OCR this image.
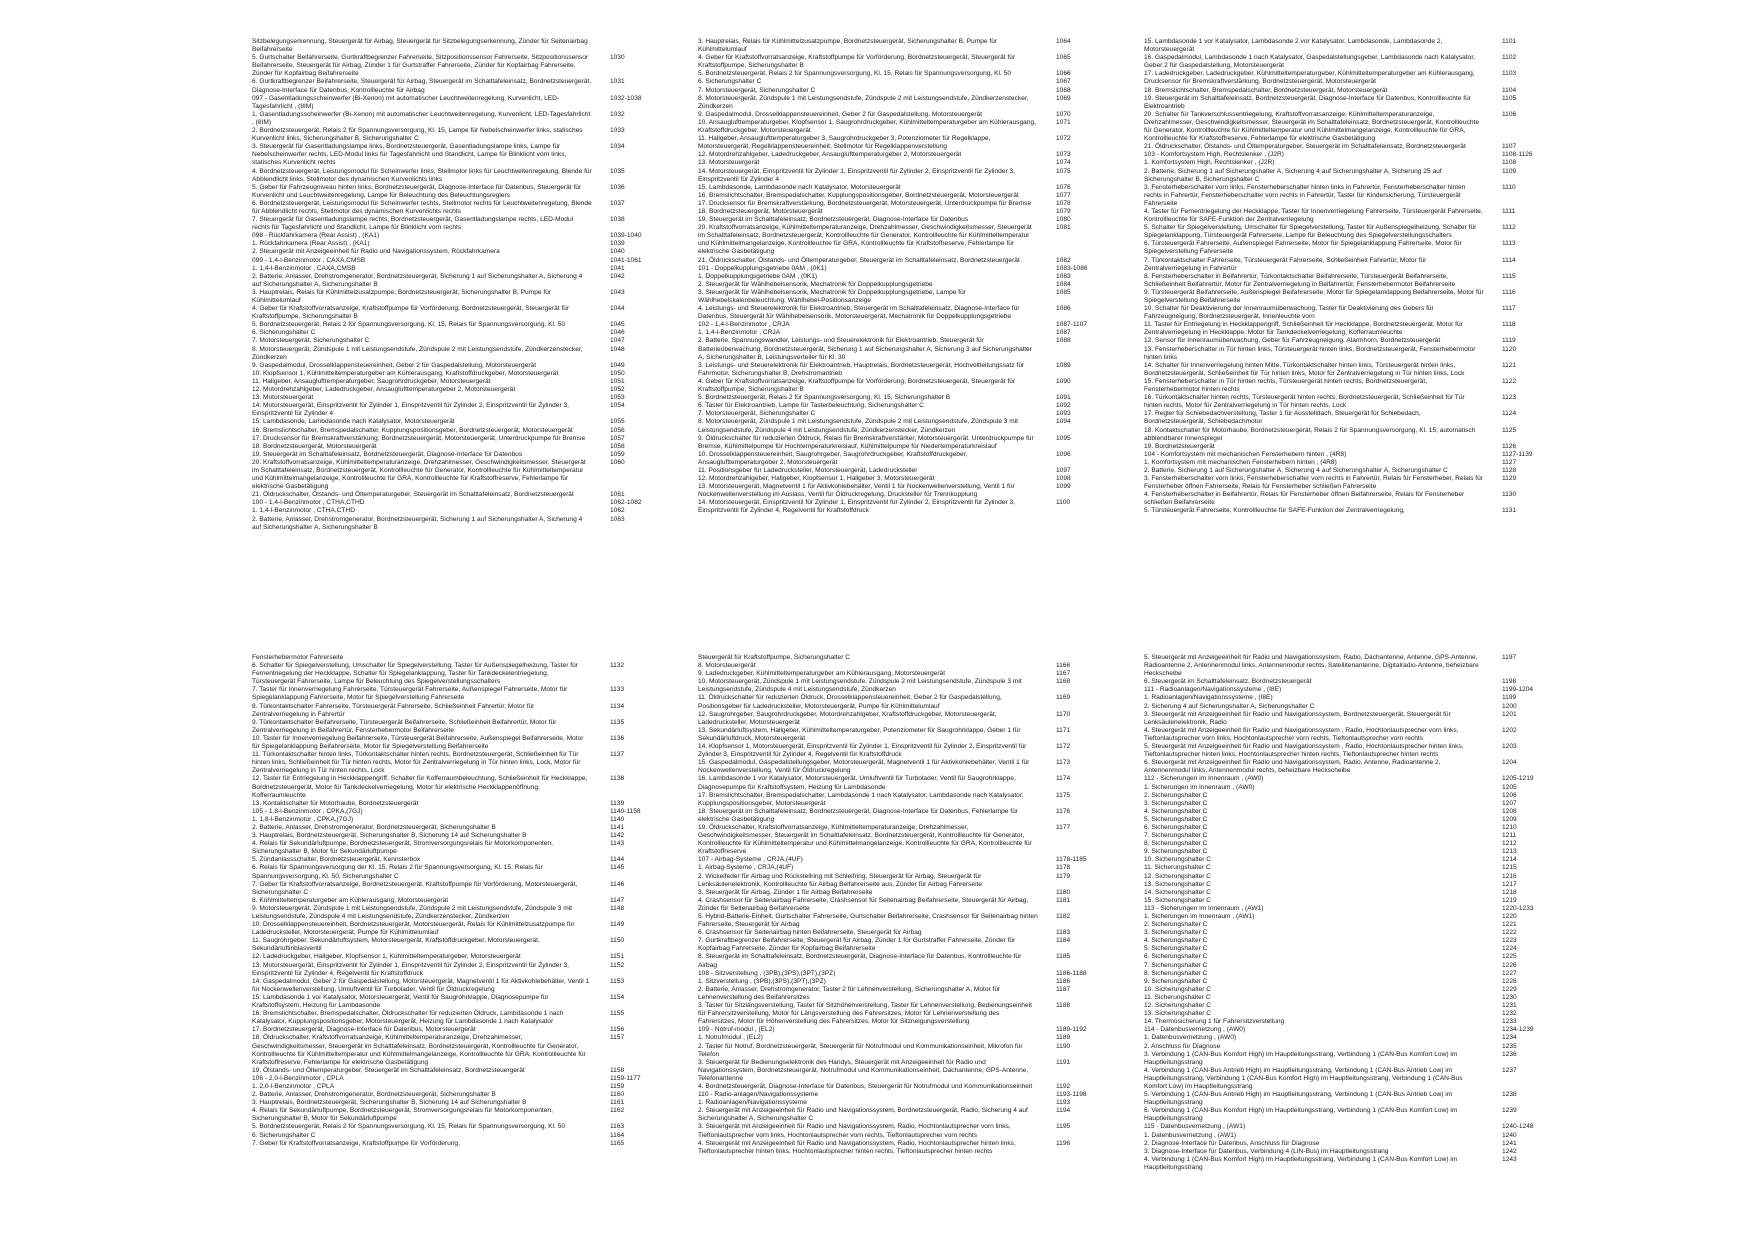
Sitzbelegungserkennung, Steuergerät für Airbag, Steuergerät für Sitzbelegungserkennung, Zünder für Seitenairbag Beifahrerseite
5. Gurtschalter Beifahrerseite, Gurtkraftbegrenzer Fahrerseite, Sitzpositionssensor Fahrerseite, Sitzpositionssensor Beifahrerseite, Steuergerät für Airbag, Zünder 1 für Gurtstraffer Fahrerseite, Zünder für Kopfairbag Fahrerseite, Zünder für Kopfairbag Beifahrerseite
1030
6. Gurtkraftbegrenzer Beifahrerseite, Steuergerät für Airbag, Steuergerät im Schalttafeleinsatz, Bordnetzsteuergerät, Diagnose-Interface für Datenbus, Kontrollleuchte für Airbag
1031
097 - Gasentladungsscheinwerfer (Bi-Xenon) mit automatischer Leuchtweitenregelung, Kurvenlicht, LED-Tagesfahrlicht , (8IM)
1032-1038
1. Gasentladungsscheinwerfer (Bi-Xenon) mit automatischer Leuchtweitenregelung, Kurvenlicht, LED-Tagesfahrlicht , (8IM)
1032
2. Bordnetzsteuergerät, Relais 2 für Spannungsversorgung, Kl. 15, Lampe für Nebelscheinwerfer links, statisches Kurvenlicht links, Sicherungshalter B, Sicherungshalter C
1033
3. Steuergerät für Gasentladungslampe links, Bordnetzsteuergerät, Gasentladungslampe links, Lampe für Nebelscheinwerfer rechts, LED-Modul links für Tagesfahrlicht und Standlicht, Lampe für Blinklicht vorn links, statisches Kurvenlicht rechts
1034
4. Bordnetzsteuergerät, Leistungsmodul für Scheinwerfer links, Stellmotor links für Leuchtweitenregelung, Blende für Abblendlicht links, Stellmotor des dynamischen Kurvenlichts links
1035
5. Geber für Fahrzeugniveau hinten links, Bordnetzsteuergerät, Diagnose-Interface für Datenbus, Steuergerät für Kurvenlicht und Leuchtweitenregelung, Lampe für Beleuchtung des Beleuchtungsreglers
1036
6. Bordnetzsteuergerät, Leistungsmodul für Scheinwerfer rechts, Stellmotor rechts für Leuchtweitenregelung, Blende für Abblendlicht rechts, Stellmotor des dynamischen Kurvenlichts rechts
1037
7. Steuergerät für Gasentladungslampe rechts, Bordnetzsteuergerät, Gasentladungslampe rechts, LED-Modul rechts für Tagesfahrlicht und Standlicht, Lampe für Blinklicht vorn rechts
1038
098 - Rückfahrkamera (Rear Assist) , (KA1)	1039-1040
1. Rückfahrkamera (Rear Assist) , (KA1)	1039
2. Steuergerät mit Anzeigeeinheit für Radio und Navigationssystem, Rückfahrkamera	1040
099 - 1,4-l-Benzinmotor , CAXA,CMSB	1041-1061
1. 1,4-l-Benzinmotor , CAXA,CMSB	1041
2. Batterie, Anlasser, Drehstromgenerator, Bordnetzsteuergerät, Sicherung 1 auf Sicherungshalter A, Sicherung 4 auf Sicherungshalter A, Sicherungshalter B
1042
3. Hauptrelais, Relais für Kühlmittelzusatzpumpe, Bordnetzsteuergerät, Sicherungshalter B, Pumpe für Kühlmittelumlauf
1043
4. Geber für Kraftstoffvorratsanzeige, Kraftstoffpumpe für Vorförderung, Bordnetzsteuergerät, Steuergerät für Kraftstoffpumpe, Sicherungshalter B
1044
5. Bordnetzsteuergerät, Relais 2 für Spannungsversorgung, Kl. 15, Relais für Spannungsversorgung, Kl. 50	1045
6. Sicherungshalter C	1046
7. Motorsteuergerät, Sicherungshalter C	1047
8. Motorsteuergerät, Zündspule 1 mit Leistungsendstufe, Zündspule 2 mit Leistungsendstufe, Zündkerzenstecker, Zündkerzen
1048
9. Gaspedalmodul, Drosselklappensteuereinheit, Geber 2 für Gaspedalstellung, Motorsteuergerät	1049
10. Klopfsensor 1, Kühlmitteltemperaturgeber am Kühlerausgang, Kraftstoffdruckgeber, Motorsteuergerät	1050
11. Hallgeber, Ansauglufttemperaturgeber, Saugrohrdruckgeber, Motorsteuergerät	1051
12. Motordrehzahlgeber, Ladedruckgeber, Ansauglufttemperaturgeber 2, Motorsteuergerät	1052
13. Motorsteuergerät	1053
14. Motorsteuergerät, Einspritzventil für Zylinder 1, Einspritzventil für Zylinder 2, Einspritzventil für Zylinder 3, Einspritzventil für Zylinder 4
1054
15. Lambdasonde, Lambdasonde nach Katalysator, Motorsteuergerät	1055
16. Bremslichtschalter, Bremspedalschalter, Kupplungspositionsgeber, Bordnetzsteuergerät, Motorsteuergerät	1056
17. Drucksensor für Bremskraftverstärkung, Bordnetzsteuergerät, Motorsteuergerät, Unterdruckpumpe für Bremse	1057
18. Bordnetzsteuergerät, Motorsteuergerät	1058
19. Steuergerät im Schalttafeleinsatz, Bordnetzsteuergerät, Diagnose-Interface für Datenbus	1059
20. Kraftstoffvorratsanzeige, Kühlmitteltemperaturanzeige, Drehzahlmesser, Geschwindigkeitsmesser, Steuergerät im Schalttafeleinsatz, Bordnetzsteuergerät, Kontrollleuchte für Generator, Kontrollleuchte für Kühlmitteltemperatur und Kühlmittelmangelanzeige, Kontrollleuchte für GRA, Kontrollleuchte für Kraftstoffreserve, Fehlerlampe für elektrische Gasbetätigung
1060
21. Öldruckschalter, Ölstands- und Öltemperaturgeber, Steuergerät im Schalttafeleinsatz, Bordnetzsteuergerät	1061
100 - 1,4-l-Benzinmotor , CTHA,CTHD	1062-1082
1. 1,4-l-Benzinmotor , CTHA,CTHD	1062
2. Batterie, Anlasser, Drehstromgenerator, Bordnetzsteuergerät, Sicherung 1 auf Sicherungshalter A, Sicherung 4 auf Sicherungshalter A, Sicherungshalter B
1063
3. Hauptrelais, Relais für Kühlmittelzusatzpumpe, Bordnetzsteuergerät, Sicherungshalter B, Pumpe für Kühlmittelumlauf
1064
4. Geber für Kraftstoffvorratsanzeige, Kraftstoffpumpe für Vorförderung, Bordnetzsteuergerät, Steuergerät für Kraftstoffpumpe, Sicherungshalter B
1065
5. Bordnetzsteuergerät, Relais 2 für Spannungsversorgung, Kl. 15, Relais für Spannungsversorgung, Kl. 50	1066
6. Sicherungshalter C	1067
7. Motorsteuergerät, Sicherungshalter C	1068
8. Motorsteuergerät, Zündspule 1 mit Leistungsendstufe, Zündspule 2 mit Leistungsendstufe, Zündkerzenstecker, Zündkerzen
1069
9. Gaspedalmodul, Drosselklappensteuereinheit, Geber 2 für Gaspedalstellung, Motorsteuergerät	1070
10. Ansauglufttemperaturgeber, Klopfsensor 1, Saugrohrdruckgeber, Kühlmitteltemperaturgeber am Kühlerausgang, Kraftstoffdruckgeber, Motorsteuergerät
1071
11. Hallgeber, Ansauglufttemperaturgeber 3, Saugrohrdruckgeber 3, Potenziometer für Regelklappe, Motorsteuergerät, Regelklappensteuereinheit, Stellmotor für Regelklappenverstellung
1072
12. Motordrehzahlgeber, Ladedruckgeber, Ansauglufttemperaturgeber 2, Motorsteuergerät	1073
13. Motorsteuergerät	1074
14. Motorsteuergerät, Einspritzventil für Zylinder 1, Einspritzventil für Zylinder 2, Einspritzventil für Zylinder 3, Einspritzventil für Zylinder 4
1075
15. Lambdasonde, Lambdasonde nach Katalysator, Motorsteuergerät	1076
16. Bremslichtschalter, Bremspedalschalter, Kupplungspositionsgeber, Bordnetzsteuergerät, Motorsteuergerät	1077
17. Drucksensor für Bremskraftverstärkung, Bordnetzsteuergerät, Motorsteuergerät, Unterdruckpumpe für Bremse	1078
18. Bordnetzsteuergerät, Motorsteuergerät	1079
19. Steuergerät im Schalttafeleinsatz, Bordnetzsteuergerät, Diagnose-Interface für Datenbus	1080
20. Kraftstoffvorratsanzeige, Kühlmitteltemperaturanzeige, Drehzahlmesser, Geschwindigkeitsmesser, Steuergerät im Schalttafeleinsatz, Bordnetzsteuergerät, Kontrollleuchte für Generator, Kontrollleuchte für Kühlmitteltemperatur und Kühlmittelmangelanzeige, Kontrollleuchte für GRA, Kontrollleuchte für Kraftstoffreserve, Fehlerlampe für elektrische Gasbetätigung
1081
21. Öldruckschalter, Ölstands- und Öltemperaturgeber, Steuergerät im Schalttafeleinsatz, Bordnetzsteuergerät	1082
101 - Doppelkupplungsgetriebe 0AM , (0K1)	1083-1086
1. Doppelkupplungsgetriebe 0AM , (0K1)	1083
2. Steuergerät für Wählhebelsensorik, Mechatronik für Doppelkupplungsgetriebe	1084
3. Steuergerät für Wählhebelsensorik, Mechatronik für Doppelkupplungsgetriebe, Lampe für Wählhebelskalenbeleuchtung, Wählhebel-Positionsanzeige
1085
4. Leistungs- und Steuerelektronik für Elektroantrieb, Steuergerät im Schalttafeleinsatz, Diagnose-Interface für Datenbus, Steuergerät für Wählhebelsensorik, Motorsteuergerät, Mechatronik für Doppelkupplungsgetriebe
1086
102 - 1,4-l-Benzinmotor , CRJA	1087-1107
1. 1,4-l-Benzinmotor , CRJA	1087
2. Batterie, Spannungswandler, Leistungs- und Steuerelektronik für Elektroantrieb, Steuergerät für Batterieüberwachung, Bordnetzsteuergerät, Sicherung 1 auf Sicherungshalter A, Sicherung 3 auf Sicherungshalter A, Sicherungshalter B, Leistungsverteiler für Kl. 30
1088
3. Leistungs- und Steuerelektronik für Elektroantrieb, Hauptrelais, Bordnetzsteuergerät, Hochvoltleitungssatz für Fahrmotor, Sicherungshalter B, Drehstromantrieb
1089
4. Geber für Kraftstoffvorratsanzeige, Kraftstoffpumpe für Vorförderung, Bordnetzsteuergerät, Steuergerät für Kraftstoffpumpe, Sicherungshalter B
1090
5. Bordnetzsteuergerät, Relais 2 für Spannungsversorgung, Kl. 15, Sicherungshalter B	1091
6. Taster für Elektroantrieb, Lampe für Tasterbeleuchtung, Sicherungshalter C	1092
7. Motorsteuergerät, Sicherungshalter C	1093
8. Motorsteuergerät, Zündspule 1 mit Leistungsendstufe, Zündspule 2 mit Leistungsendstufe, Zündspule 3 mit Leistungsendstufe, Zündspule 4 mit Leistungsendstufe, Zündkerzenstecker, Zündkerzen
1094
9. Öldruckschalter für reduzierten Öldruck, Relais für Bremskraftverstärker, Motorsteuergerät, Unterdruckpumpe für Bremse, Kühlmittelpumpe für Hochtemperaturkreislauf, Kühlmittelpumpe für Niedertemperaturkreislauf
1095
10. Drosselklappensteuereinheit, Saugrohrgeber, Saugrohrdruckgeber, Kraftstoffdruckgeber, Ansauglufttemperaturgeber 2, Motorsteuergerät
1096
11. Positionsgeber für Ladedrucksteller, Motorsteuergerät, Ladedrucksteller	1097
12. Motordrehzahlgeber, Hallgeber, Klopfsensor 1, Hallgeber 3, Motorsteuergerät	1098
13. Motorsteuergerät, Magnetventil 1 für Aktivkohlebehälter, Ventil 1 für Nockenwellenverstellung, Ventil 1 für Nockenwellenverstellung im Auslass, Ventil für Öldruckregelung, Drucksteller für Trennkupplung
1099
14. Motorsteuergerät, Einspritzventil für Zylinder 1, Einspritzventil für Zylinder 2, Einspritzventil für Zylinder 3, Einspritzventil für Zylinder 4, Regelventil für Kraftstoffdruck
1100
15. Lambdasonde 1 vor Katalysator, Lambdasonde 2 vor Katalysator, Lambdasonde, Lambdasonde 2, Motorsteuergerät
1101
16. Gaspedalmodul, Lambdasonde 1 nach Katalysator, Gaspedalstellungsgeber, Lambdasonde nach Katalysator, Geber 2 für Gaspedalstellung, Motorsteuergerät
1102
17. Ladedruckgeber, Ladedruckgeber, Kühlmitteltemperaturgeber, Kühlmitteltemperaturgeber am Kühlerausgang, Drucksensor für Bremskraftverstärkung, Bordnetzsteuergerät, Motorsteuergerät
1103
18. Bremslichtschalter, Bremspedalschalter, Bordnetzsteuergerät, Motorsteuergerät	1104
19. Steuergerät im Schalttafeleinsatz, Bordnetzsteuergerät, Diagnose-Interface für Datenbus, Kontrollleuchte für Elektroantrieb
1105
20. Schalter für Tankverschlussentriegelung, Kraftstoffvorratsanzeige, Kühlmitteltemperaturanzeige, Drehzahlmesser, Geschwindigkeitsmesser, Steuergerät im Schalttafeleinsatz, Bordnetzsteuergerät, Kontrollleuchte für Generator, Kontrollleuchte für Kühlmitteltemperatur und Kühlmittelmangelanzeige, Kontrollleuchte für GRA, Kontrollleuchte für Kraftstoffreserve, Fehlerlampe für elektrische Gasbetätigung
1106
21. Öldruckschalter, Ölstands- und Öltemperaturgeber, Steuergerät im Schalttafeleinsatz, Bordnetzsteuergerät	1107
103 - Komfortsystem High, Rechtslenker , (J2R)	1108-1126
1. Komfortsystem High, Rechtslenker , (J2R)	1108
2. Batterie, Sicherung 1 auf Sicherungshalter A, Sicherung 4 auf Sicherungshalter A, Sicherung 25 auf Sicherungshalter B, Sicherungshalter C
1109
3. Fensterheberschalter vorn links, Fensterheberschalter hinten links in Fahrertür, Fensterheberschalter hinten rechts in Fahrertür, Fensterheberschalter vorn rechts in Fahrertür, Taster für Kindersicherung, Türsteuergerät Fahrerseite
1110
4. Taster für Fernentriegelung der Heckklappe, Taster für Innenverriegelung Fahrerseite, Türsteuergerät Fahrerseite, Kontrollleuchte für SAFE-Funktion der Zentralverriegelung
1111
5. Schalter für Spiegelverstellung, Umschalter für Spiegelverstellung, Taster für Außenspiegelheizung, Schalter für Spiegelanklappung, Türsteuergerät Fahrerseite, Lampe für Beleuchtung des Spiegelverstellungsschalters
1112
6. Türsteuergerät Fahrerseite, Außenspiegel Fahrerseite, Motor für Spiegelanklappung Fahrerseite, Motor für Spiegelverstellung Fahrerseite
1113
7. Türkontaktschalter Fahrerseite, Türsteuergerät Fahrerseite, Schließeinheit Fahrertür, Motor für Zentralverriegelung in Fahrertür
1114
8. Fensterheberschalter in Beifahrertür, Türkontaktschalter Beifahrerseite, Türsteuergerät Beifahrerseite, Schließeinheit Beifahrertür, Motor für Zentralverriegelung in Beifahrertür, Fensterhebermotor Beifahrerseite
1115
9. Türsteuergerät Beifahrerseite, Außenspiegel Beifahrerseite, Motor für Spiegelanklappung Beifahrerseite, Motor für Spiegelverstellung Beifahrerseite
1116
10. Schalter für Deaktivierung der Innenraumüberwachung, Taster für Deaktivierung des Gebers für Fahrzeugneigung, Bordnetzsteuergerät, Innenleuchte vorn
1117
11. Taster für Entriegelung in Heckklappengriff, Schließeinheit für Heckklappe, Bordnetzsteuergerät, Motor für Zentralverriegelung in Heckklappe, Motor für Tankdeckelverriegelung, Kofferraumleuchte
1118
12. Sensor für Innenraumüberwachung, Geber für Fahrzeugneigung, Alarmhorn, Bordnetzsteuergerät	1119
13. Fensterheberschalter in Tür hinten links, Türsteuergerät hinten links, Bordnetzsteuergerät, Fensterhebermotor hinten links
1120
14. Schalter für Innenverriegelung hinten Mitte, Türkontaktschalter hinten links, Türsteuergerät hinten links, Bordnetzsteuergerät, Schließeinheit für Tür hinten links, Motor für Zentralverriegelung in Tür hinten links, Lock
1121
15. Fensterheberschalter in Tür hinten rechts, Türsteuergerät hinten rechts, Bordnetzsteuergerät, Fensterhebermotor hinten rechts
1122
16. Türkontaktschalter hinten rechts, Türsteuergerät hinten rechts, Bordnetzsteuergerät, Schließeinheit für Tür hinten rechts, Motor für Zentralverriegelung in Tür hinten rechts, Lock
1123
17. Regler für Schiebedachverstellung, Taster 1 für Ausstelldach, Steuergerät für Schiebedach, Bordnetzsteuergerät, Schiebedachmotor
1124
18. Kontaktschalter für Motorhaube, Bordnetzsteuergerät, Relais 2 für Spannungsversorgung, Kl. 15, automatisch abblendbarer Innenspiegel
1125
19. Bordnetzsteuergerät	1126
104 - Komfortsystem mit mechanischen Fensterhebern hinten , (4R8)	1127-1139
1. Komfortsystem mit mechanischen Fensterhebern hinten , (4R8)	1127
2. Batterie, Sicherung 1 auf Sicherungshalter A, Sicherung 4 auf Sicherungshalter A, Sicherungshalter C	1128
3. Fensterheberschalter vorn links, Fensterheberschalter vorn rechts in Fahrertür, Relais für Fensterheber, Relais für Fensterheber öffnen Fahrerseite, Relais für Fensterheber schließen Fahrerseite
1129
4. Fensterheberschalter in Beifahrertür, Relais für Fensterheber öffnen Beifahrerseite, Relais für Fensterheber schließen Beifahrerseite
1130
5. Türsteuergerät Fahrerseite, Kontrollleuchte für SAFE-Funktion der Zentralverriegelung,	1131
Fensterhebermotor Fahrerseite
6. Schalter für Spiegelverstellung, Umschalter für Spiegelverstellung, Taster für Außenspiegelheizung, Taster für Fernentriegelung der Heckklappe, Schalter für Spiegelanklappung, Taster für Tankdeckelentriegelung, Türsteuergerät Fahrerseite, Lampe für Beleuchtung des Spiegelverstellungsschalters
1132
7. Taster für Innenverriegelung Fahrerseite, Türsteuergerät Fahrerseite, Außenspiegel Fahrerseite, Motor für Spiegelanklappung Fahrerseite, Motor für Spiegelverstellung Fahrerseite
1133
8. Türkontaktschalter Fahrerseite, Türsteuergerät Fahrerseite, Schließeinheit Fahrertür, Motor für Zentralverriegelung in Fahrertür
1134
9. Türkontaktschalter Beifahrerseite, Türsteuergerät Beifahrerseite, Schließeinheit Beifahrertür, Motor für Zentralverriegelung in Beifahrertür, Fensterhebermotor Beifahrerseite
1135
10. Taster für Innenverriegelung Beifahrerseite, Türsteuergerät Beifahrerseite, Außenspiegel Beifahrerseite, Motor für Spiegelanklappung Beifahrerseite, Motor für Spiegelverstellung Beifahrerseite
1136
11. Türkontaktschalter hinten links, Türkontaktschalter hinten rechts, Bordnetzsteuergerät, Schließeinheit für Tür hinten links, Schließeinheit für Tür hinten rechts, Motor für Zentralverriegelung in Tür hinten links, Lock, Motor für Zentralverriegelung in Tür hinten rechts, Lock
1137
12. Taster für Entriegelung in Heckklappengriff, Schalter für Kofferraumbeleuchtung, Schließeinheit für Heckklappe, Bordnetzsteuergerät, Motor für Tankdeckelverriegelung, Motor für elektrische Heckklappenöffnung, Kofferraumleuchte
1138
13. Kontaktschalter für Motorhaube, Bordnetzsteuergerät	1139
105 - 1,8-l-Benzinmotor , CPKA,(7GJ)	1140-1158
1. 1,8-l-Benzinmotor , CPKA,(7GJ)	1140
2. Batterie, Anlasser, Drehstromgenerator, Bordnetzsteuergerät, Sicherungshalter B	1141
3. Hauptrelais, Bordnetzsteuergerät, Sicherungshalter B, Sicherung 14 auf Sicherungshalter B	1142
4. Relais für Sekundärluftpumpe, Bordnetzsteuergerät, Stromversorgungsrelais für Motorkomponenten, Sicherungshalter B, Motor für Sekundärluftpumpe
1143
5. Zündanlassschalter, Bordnetzsteuergerät, Kennsterbox	1144
6. Relais für Spannungsversorgung der Kl. 15, Relais 2 für Spannungsversorgung, Kl. 15, Relais für Spannungsversorgung, Kl. 50, Sicherungshalter C
1145
7. Geber für Kraftstoffvorratsanzeige, Bordnetzsteuergerät, Kraftstoffpumpe für Vorförderung, Motorsteuergerät, Sicherungshalter C
1146
8. Kühlmitteltemperaturgeber am Kühlerausgang, Motorsteuergerät	1147
9. Motorsteuergerät, Zündspule 1 mit Leistungsendstufe, Zündspule 2 mit Leistungsendstufe, Zündspule 3 mit Leistungsendstufe, Zündspule 4 mit Leistungsendstufe, Zündkerzenstecker, Zündkerzen
1148
10. Drosselklappensteuereinheit, Bordnetzsteuergerät, Motorsteuergerät, Relais für Kühlmittelzusatzpumpe für Ladedrucksteller, Motorsteuergerät, Pumpe für Kühlmittelumlauf
1149
11. Saugrohrgeber, Sekundärluftsystem, Motorsteuergerät, Kraftstoffdruckgeber, Motorsteuergerät, Sekundärluftinblasventil
1150
12. Ladedruckgeber, Hallgeber, Klopfsensor 1, Kühlmitteltemperaturgeber, Motorsteuergerät	1151
13. Motorsteuergerät, Einspritzventil für Zylinder 1, Einspritzventil für Zylinder 2, Einspritzventil für Zylinder 3, Einspritzventil für Zylinder 4, Regelventil für Kraftstoffdruck
1152
14. Gaspedalmodul, Geber 2 für Gaspedalstellung, Motorsteuergerät, Magnetventil 1 für Aktivkohlebehälter, Ventil 1 für Nockenwellenverstellung, Umluftventil für Turbolader, Ventil für Öldruckregelung
1153
15. Lambdasonde 1 vor Katalysator, Motorsteuergerät, Ventil für Saugrohrklappe, Diagnosepumpe für Kraftstoffsystem, Heizung für Lambdasonde
1154
16. Bremslichtschalter, Bremspedalschalter, Öldruckschalter für reduzierten Öldruck, Lambdasonde 1 nach Katalysator, Kupplungspositionsgeber, Motorsteuergerät, Heizung für Lambdasonde 1 nach Katalysator
1155
17. Bordnetzsteuergerät, Diagnose-Interface für Datenbus, Motorsteuergerät	1156
18. Öldruckschalter, Kraftstoffvorratsanzeige, Kühlmitteltemperaturanzeige, Drehzahlmesser, Geschwindigkeitsmesser, Steuergerät im Schalttafeleinsatz, Bordnetzsteuergerät, Kontrollleuchte für Generator, Kontrollleuchte für Kühlmitteltemperatur und Kühlmittelmangelanzeige, Kontrollleuchte für GRA, Kontrollleuchte für Kraftstoffreserve, Fehlerlampe für elektrische Gasbetätigung
1157
19. Ölstands- und Öltemperaturgeber, Steuergerät im Schalttafeleinsatz, Bordnetzsteuergerät	1158
106 - 2,0-l-Benzinmotor , CPLA	1159-1177
1. 2,0-l-Benzinmotor , CPLA	1159
2. Batterie, Anlasser, Drehstromgenerator, Bordnetzsteuergerät, Sicherungshalter B	1160
3. Hauptrelais, Bordnetzsteuergerät, Sicherungshalter B, Sicherung 14 auf Sicherungshalter B	1161
4. Relais für Sekundärluftpumpe, Bordnetzsteuergerät, Stromversorgungsrelais für Motorkomponenten, Sicherungshalter B, Motor für Sekundärluftpumpe
1162
5. Bordnetzsteuergerät, Relais 2 für Spannungsversorgung, Kl. 15, Relais für Spannungsversorgung, Kl. 50	1163
6. Sicherungshalter C	1164
7. Geber für Kraftstoffvorratsanzeige, Kraftstoffpumpe für Vorförderung,	1165
Steuergerät für Kraftstoffpumpe, Sicherungshalter C
8. Motorsteuergerät	1166
9. Ladedruckgeber, Kühlmitteltemperaturgeber am Kühlerausgang, Motorsteuergerät	1167
10. Motorsteuergerät, Zündspule 1 mit Leistungsendstufe, Zündspule 2 mit Leistungsendstufe, Zündspule 3 mit Leistungsendstufe, Zündspule 4 mit Leistungsendstufe, Zündkerzen
1168
11. Öldruckschalter für reduzierten Öldruck, Drosselklappensteuereinheit, Geber 2 für Gaspedalstellung, Positionsgeber für Ladedrucksteller, Motorsteuergerät, Pumpe für Kühlmittelumlauf
1169
12. Saugrohrgeber, Saugrohrdruckgeber, Motordrehzahlgeber, Kraftstoffdruckgeber, Motorsteuergerät, Ladedrucksteller, Motorsteuergerät
1170
13. Sekundärluftsystem, Hallgeber, Kühlmitteltemperaturgeber, Potenziometer für Saugrohrklappe, Geber 1 für Sekundärluftdruck, Motorsteuergerät
1171
14. Klopfsensor 1, Motorsteuergerät, Einspritzventil für Zylinder 1, Einspritzventil für Zylinder 2, Einspritzventil für Zylinder 3, Einspritzventil für Zylinder 4, Regelventil für Kraftstoffdruck
1172
15. Gaspedalmodul, Gaspedalstellungsgeber, Motorsteuergerät, Magnetventil 1 für Aktivkohlebehälter, Ventil 1 für Nockenwellenverstellung, Ventil für Öldruckregelung
1173
16. Lambdasonde 1 vor Katalysator, Motorsteuergerät, Umluftventil für Turbolader, Ventil für Saugrohrklappe, Diagnosepumpe für Kraftstoffsystem, Heizung für Lambdasonde
1174
17. Bremslichtschalter, Bremspedalschalter, Lambdasonde 1 nach Katalysator, Lambdasonde nach Katalysator, Kupplungspositionsgeber, Motorsteuergerät
1175
18. Steuergerät im Schalttafeleinsatz, Bordnetzsteuergerät, Diagnose-Interface für Datenbus, Fehlerlampe für elektrische Gasbetätigung
1176
19. Öldruckschalter, Kraftstoffvorratsanzeige, Kühlmitteltemperaturanzeige, Drehzahlmesser, Geschwindigkeitsmesser, Steuergerät im Schalttafeleinsatz, Bordnetzsteuergerät, Kontrollleuchte für Generator, Kontrollleuchte für Kühlmitteltemperatur und Kühlmittelmangelanzeige, Kontrollleuchte für GRA, Kontrollleuchte für Kraftstoffreserve
1177
107 - Airbag-Systeme , CRJA,(4UF)	1178-1185
1. Airbag-Systeme , CRJA,(4UF)	1178
2. Wickelfeder für Airbag und Rückstellring mit Schleifring, Steuergerät für Airbag, Steuergerät für Lenksäulenelektronik, Kontrollleuchte für Airbag Beifahrerseite aus, Zünder für Airbag Fahrerseite
1179
3. Steuergerät für Airbag, Zünder 1 für Airbag Beifahrerseite	1180
4. Crashsensor für Seitenairbag Fahrerseite, Crashsensor für Seitenairbag Beifahrerseite, Steuergerät für Airbag, Zünder für Seitenairbag Beifahrerseite
1181
5. Hybrid-Batterie-Einheit, Gurtschalter Fahrerseite, Gurtschalter Beifahrerseite, Crashsensor für Seitenairbag hinten Fahrerseite, Steuergerät für Airbag
1182
6. Crashsensor für Seitenairbag hinten Beifahrerseite, Steuergerät für Airbag	1183
7. Gurtkraftbegrenzer Beifahrerseite, Steuergerät für Airbag, Zünder 1 für Gurtstraffer Fahrerseite, Zünder für Kopfairbag Fahrerseite, Zünder für Kopfairbag Beifahrerseite
1184
8. Steuergerät im Schalttafeleinsatz, Bordnetzsteuergerät, Diagnose-Interface für Datenbus, Kontrollleuchte für Airbag
1185
108 - Sitzverstellung , (3PB),(3PS),(3PT),(3PZ)	1186-1188
1. Sitzverstellung , (3PB),(3PS),(3PT),(3PZ)	1186
2. Batterie, Anlasser, Drehstromgenerator, Taster 2 für Lehnenverstellung, Sicherungshalter A, Motor für Lehnenverstellung des Beifahrersitzes
1187
3. Taster für Sitzlängsverstellung, Taster für Sitzhöhenverstellung, Taster für Lehnenverstellung, Bedienungseinheit für Fahrersitzverstellung, Motor für Längsverstellung des Fahrersitzes, Motor für Lehnenverstellung des Fahrersitzes, Motor für Höhenverstellung des Fahrersitzes, Motor für Sitzneigungsverstellung
1188
109 - Notruf-modul , (EL2)	1189-1192
1. Notrufmodul , (EL2)	1189
2. Taster für Notruf, Bordnetzsteuergerät, Steuergerät für Notrufmodul und Kommunikationseinheit, Mikrofon für Telefon
1190
3. Steuergerät für Bedienungselektronik des Handys, Steuergerät mit Anzeigeeinheit für Radio und Navigationssystem, Bordnetzsteuergerät, Notrufmodul und Kommunikationseinheit, Dachantenne, GPS-Antenne, Telefonantenne
1191
4. Bordnetzsteuergerät, Diagnose-Interface für Datenbus, Steuergerät für Notrufmodul und Kommunikationseinheit	1192
110 - Radio-anlagen/Navigationssysteme	1193-1198
1. Radioanlagen/Navigationssysteme	1193
2. Steuergerät mit Anzeigeeinheit für Radio und Navigationssystem, Bordnetzsteuergerät, Radio, Sicherung 4 auf Sicherungshalter A, Sicherungshalter C
1194
3. Steuergerät mit Anzeigeeinheit für Radio und Navigationssystem, Radio, Hochtonlautsprecher vorn links, Tieftonlautsprecher vorn links, Hochtonlautsprecher vorn rechts, Tieftonlautsprecher vorn rechts
1195
4. Steuergerät mit Anzeigeeinheit für Radio und Navigationssystem, Radio, Hochtonlautsprecher hinten links, Tieftonlautsprecher hinten links, Hochtonlautsprecher hinten rechts, Tieftonlautsprecher hinten rechts
1196
5. Steuergerät mit Anzeigeeinheit für Radio und Navigationssystem, Radio, Dachantenne, Antenne, GPS-Antenne, Radioantenne 2, Antennenmodul links, Antennenmodul rechts, Satellitenantenne, Digitalradio-Antenne, beheizbare Heckscheibe
1197
6. Steuergerät im Schalttafeleinsatz, Bordnetzsteuergerät	1198
111 - Radioanlagen/Navigationssysteme , (I8E)	1199-1204
1. Radioanlagen/Navigationssysteme , (I8E)	1199
2. Sicherung 4 auf Sicherungshalter A, Sicherungshalter C	1200
3. Steuergerät mit Anzeigeeinheit für Radio und Navigationssystem, Bordnetzsteuergerät, Steuergerät für Lenksäulenelektronik, Radio
1201
4. Steuergerät mit Anzeigeeinheit für Radio und Navigationssystem , Radio, Hochtonlautsprecher vorn links, Tieftonlautsprecher vorn links, Hochtonlautsprecher vorn rechts, Tieftonlautsprecher vorn rechts
1202
5. Steuergerät mit Anzeigeeinheit für Radio und Navigationssystem , Radio, Hochtonlautsprecher hinten links, Tieftonlautsprecher hinten links, Hochtonlautsprecher hinten rechts, Tieftonlautsprecher hinten rechts
1203
6. Steuergerät mit Anzeigeeinheit für Radio und Navigationssystem, Radio, Antenne, Radioantenne 2, Antennenmodul links, Antennenmodul rechts, beheizbare Heckscheibe
1204
112 - Sicherungen im Innenraum , (AW0)	1205-1219
1. Sicherungen im Innenraum , (AW0)	1205
2. Sicherungshalter C	1206
3. Sicherungshalter C	1207
4. Sicherungshalter C	1208
5. Sicherungshalter C	1209
6. Sicherungshalter C	1210
7. Sicherungshalter C	1211
8. Sicherungshalter C	1212
9. Sicherungshalter C	1213
10. Sicherungshalter C	1214
11. Sicherungshalter C	1215
12. Sicherungshalter C	1216
13. Sicherungshalter C	1217
14. Sicherungshalter C	1218
15. Sicherungshalter C	1219
113 - Sicherungen im Innenraum , (AW1)	1220-1233
1. Sicherungen im Innenraum , (AW1)	1220
2. Sicherungshalter C	1221
3. Sicherungshalter C	1222
4. Sicherungshalter C	1223
5. Sicherungshalter C	1224
6. Sicherungshalter C	1225
7. Sicherungshalter C	1226
8. Sicherungshalter C	1227
9. Sicherungshalter C	1228
10. Sicherungshalter C	1229
11. Sicherungshalter C	1230
12. Sicherungshalter C	1231
13. Sicherungshalter C	1232
14. Thermosicherung 1 für Fahrersitzverstellung	1233
114 - Datenbusvernetzung , (AW0)	1234-1239
1. Datenbusvernetzung , (AW0)	1234
2. Anschluss für Diagnose	1235
3. Verbindung 1 (CAN-Bus Komfort High) im Hauptleitungsstrang, Verbindung 1 (CAN-Bus Komfort Low) im Hauptleitungsstrang
1236
4. Verbindung 1 (CAN-Bus Antrieb High) im Hauptleitungsstrang, Verbindung 1 (CAN-Bus Antrieb Low) im Hauptleitungsstrang, Verbindung 1 (CAN-Bus Komfort High) im Hauptleitungsstrang, Verbindung 1 (CAN-Bus Komfort Low) im Hauptleitungsstrang
1237
5. Verbindung 1 (CAN-Bus Antrieb High) im Hauptleitungsstrang, Verbindung 1 (CAN-Bus Antrieb Low) im Hauptleitungsstrang
1238
6. Verbindung 1 (CAN-Bus Komfort High) im Hauptleitungsstrang, Verbindung 1 (CAN-Bus Komfort Low) im Hauptleitungsstrang
1239
115 - Datenbusvernetzung , (AW1)	1240-1248
1. Datenbusvernetzung , (AW1)	1240
2. Diagnose-Interface für Datenbus, Anschluss für Diagnose	1241
3. Diagnose-Interface für Datenbus, Verbindung 4 (LIN-Bus) im Hauptleitungsstrang	1242
4. Verbindung 1 (CAN-Bus Komfort High) im Hauptleitungsstrang, Verbindung 1 (CAN-Bus Komfort Low) im Hauptleitungsstrang
1243
